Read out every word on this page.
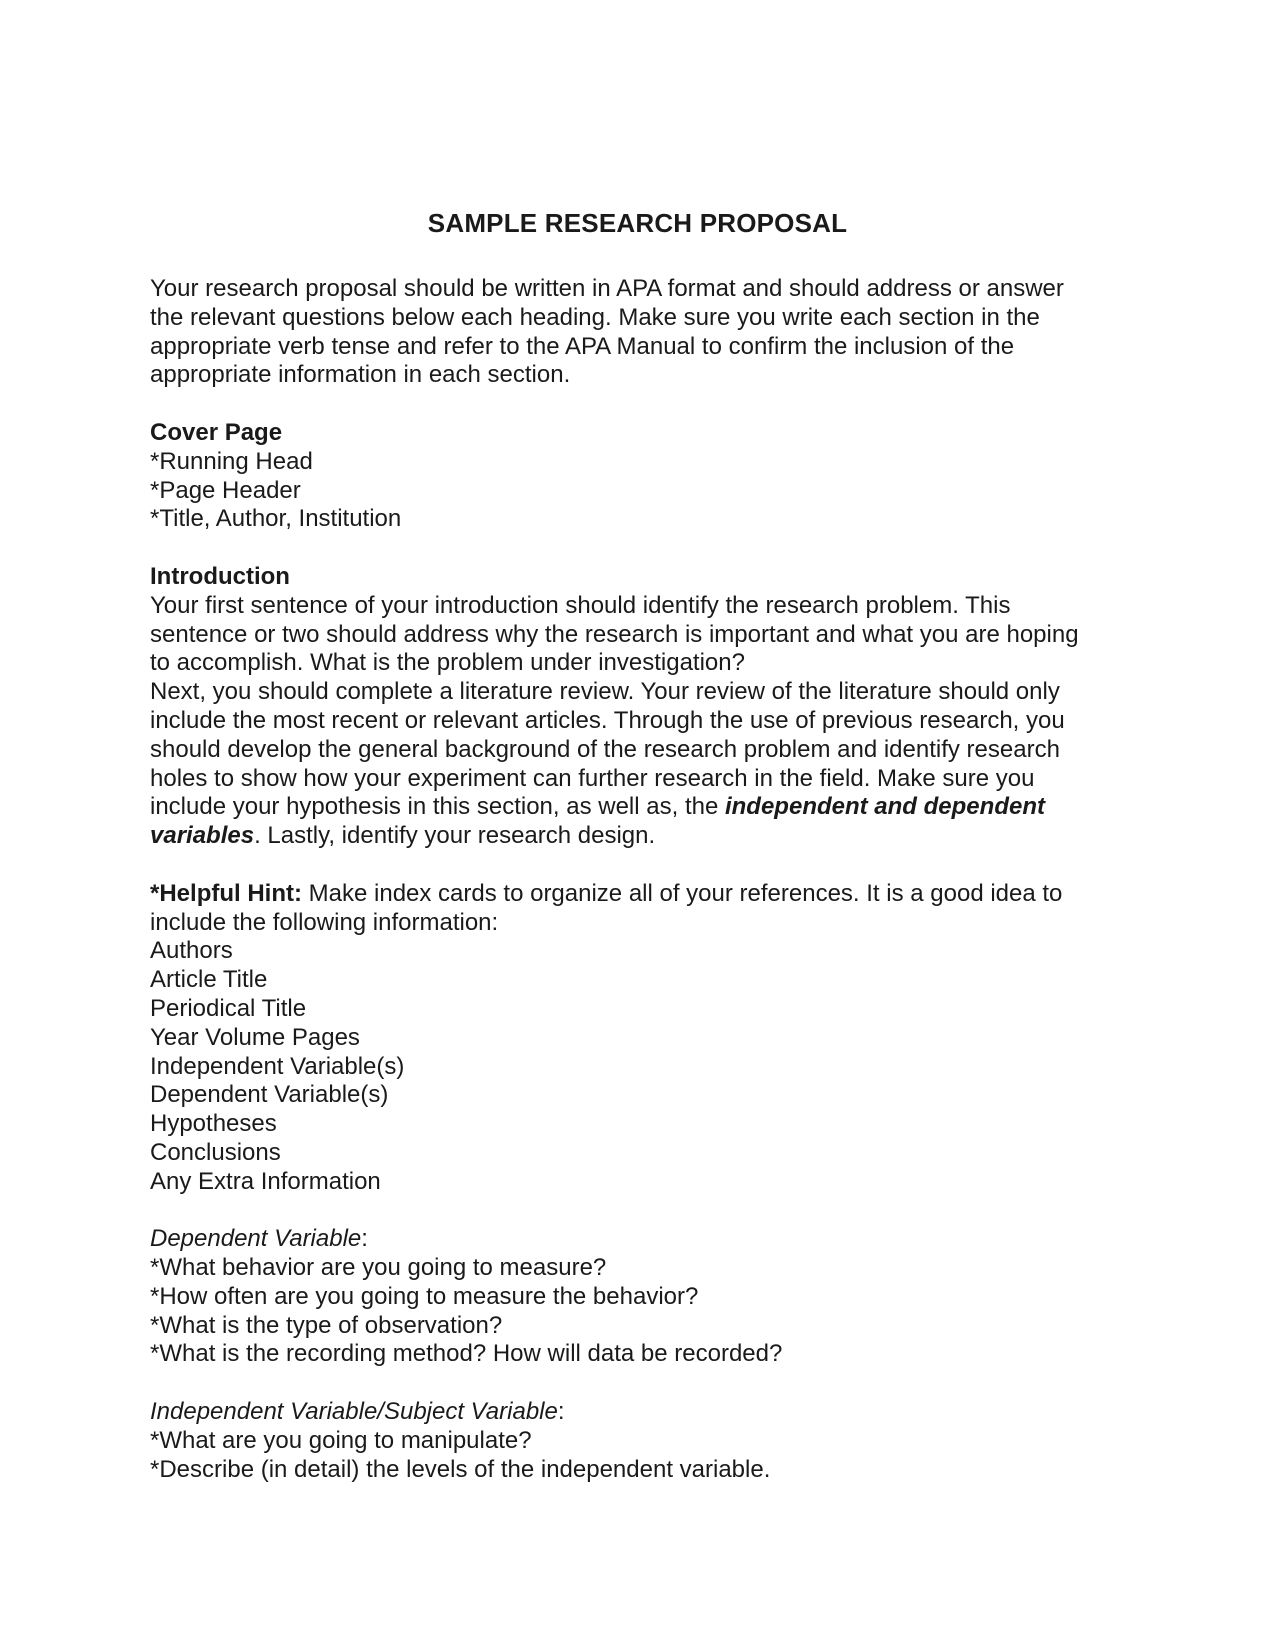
SAMPLE RESEARCH PROPOSAL
Your research proposal should be written in APA format and should address or answer
the relevant questions below each heading. Make sure you write each section in the
appropriate verb tense and refer to the APA Manual to confirm the inclusion of the
appropriate information in each section.
Cover Page
*Running Head
*Page Header
*Title, Author, Institution
Introduction
Your first sentence of your introduction should identify the research problem. This
sentence or two should address why the research is important and what you are hoping
to accomplish. What is the problem under investigation?
Next, you should complete a literature review. Your review of the literature should only
include the most recent or relevant articles. Through the use of previous research, you
should develop the general background of the research problem and identify research
holes to show how your experiment can further research in the field. Make sure you
include your hypothesis in this section, as well as, the independent and dependent
variables. Lastly, identify your research design.
*Helpful Hint: Make index cards to organize all of your references. It is a good idea to
include the following information:
Authors
Article Title
Periodical Title
Year Volume Pages
Independent Variable(s)
Dependent Variable(s)
Hypotheses
Conclusions
Any Extra Information
Dependent Variable:
*What behavior are you going to measure?
*How often are you going to measure the behavior?
*What is the type of observation?
*What is the recording method? How will data be recorded?
Independent Variable/Subject Variable:
*What are you going to manipulate?
*Describe (in detail) the levels of the independent variable.
